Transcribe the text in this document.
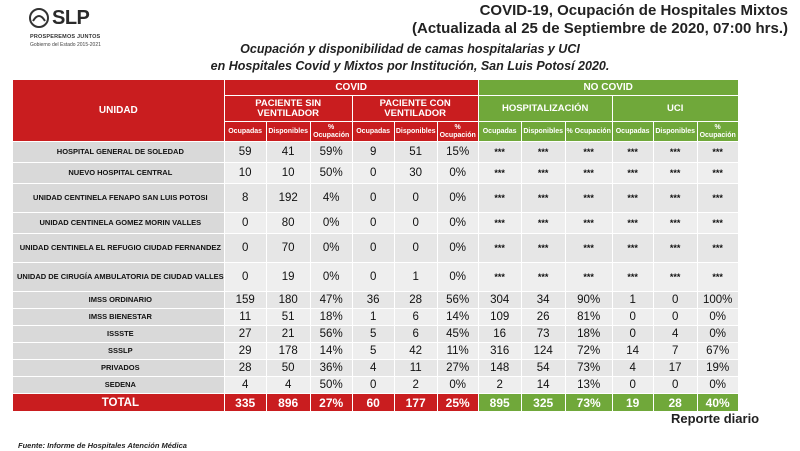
SLP
PROSPEREMOS JUNTOS
Gobierno del Estado 2015-2021
COVID-19, Ocupación de Hospitales Mixtos
(Actualizada al 25 de Septiembre de 2020, 07:00 hrs.)
Ocupación y disponibilidad de camas hospitalarias y UCI
en Hospitales Covid y Mixtos por Institución, San Luis Potosí 2020.
UNIDAD	COVID						NO COVID					
	PACIENTE SIN VENTILADOR			PACIENTE CON VENTILADOR			HOSPITALIZACIÓN			UCI		
	Ocupadas	Disponibles	% Ocupación	Ocupadas	Disponibles	% Ocupación	Ocupadas	Disponibles	% Ocupación	Ocupadas	Disponibles	% Ocupación
HOSPITAL GENERAL DE SOLEDAD	59	41	59%	9	51	15%	***	***	***	***	***	***
NUEVO HOSPITAL CENTRAL	10	10	50%	0	30	0%	***	***	***	***	***	***
UNIDAD CENTINELA FENAPO SAN LUIS POTOSI	8	192	4%	0	0	0%	***	***	***	***	***	***
UNIDAD CENTINELA GOMEZ MORIN VALLES	0	80	0%	0	0	0%	***	***	***	***	***	***
UNIDAD CENTINELA EL REFUGIO CIUDAD FERNANDEZ	0	70	0%	0	0	0%	***	***	***	***	***	***
UNIDAD DE CIRUGÍA AMBULATORIA DE CIUDAD VALLES	0	19	0%	0	1	0%	***	***	***	***	***	***
IMSS ORDINARIO	159	180	47%	36	28	56%	304	34	90%	1	0	100%
IMSS BIENESTAR	11	51	18%	1	6	14%	109	26	81%	0	0	0%
ISSSTE	27	21	56%	5	6	45%	16	73	18%	0	4	0%
SSSLP	29	178	14%	5	42	11%	316	124	72%	14	7	67%
PRIVADOS	28	50	36%	4	11	27%	148	54	73%	4	17	19%
SEDENA	4	4	50%	0	2	0%	2	14	13%	0	0	0%
TOTAL	335	896	27%	60	177	25%	895	325	73%	19	28	40%
Reporte diario
Fuente: Informe de Hospitales Atención Médica
